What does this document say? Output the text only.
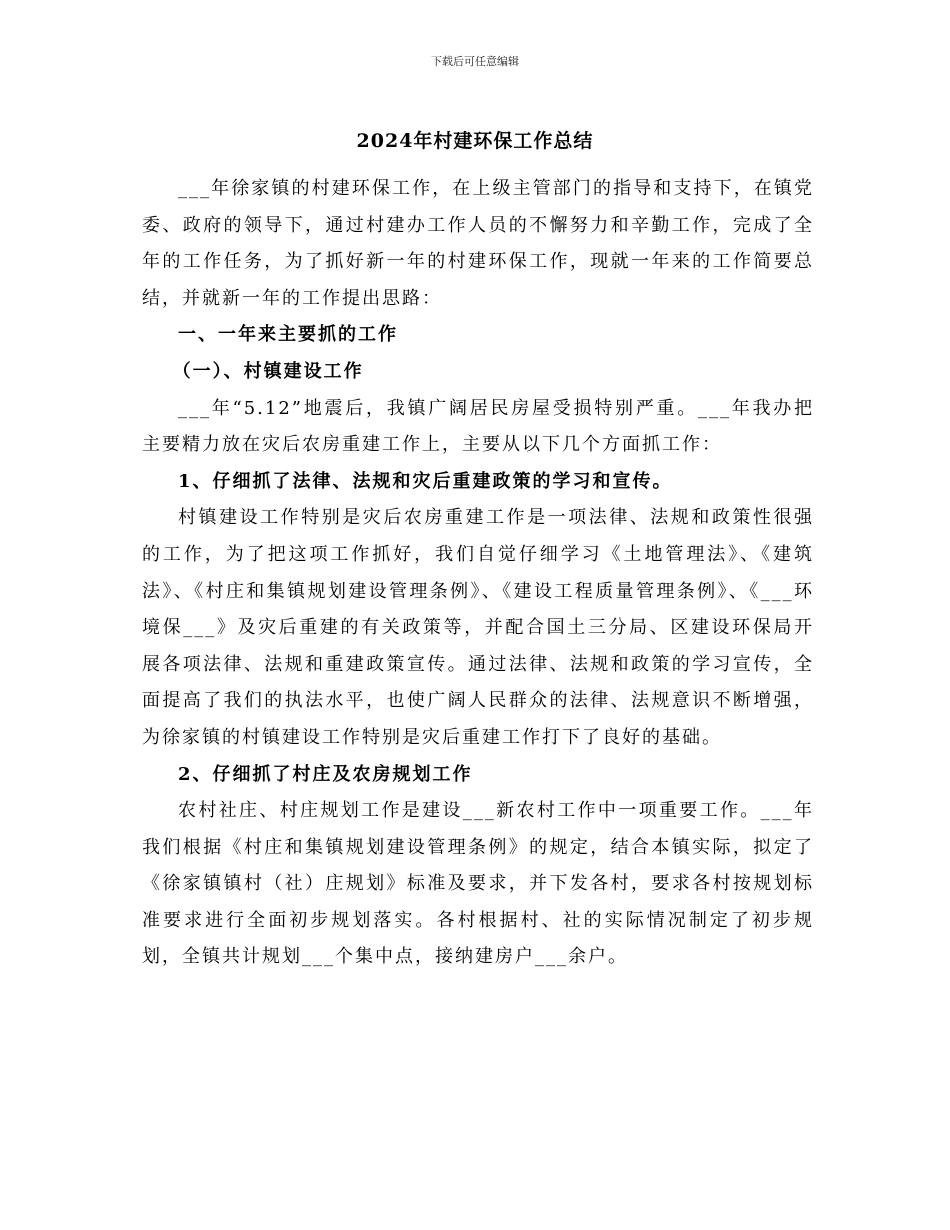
下载后可任意编辑
2024年村建环保工作总结

___年徐家镇的村建环保工作，在上级主管部门的指导和支持下，在镇党委、政府的领导下，通过村建办工作人员的不懈努力和辛勤工作，完成了全年的工作任务，为了抓好新一年的村建环保工作，现就一年来的工作简要总结，并就新一年的工作提出思路：

一、一年来主要抓的工作

（一）、村镇建设工作

___年“5.12”地震后，我镇广阔居民房屋受损特别严重。___年我办把主要精力放在灾后农房重建工作上，主要从以下几个方面抓工作：

1、仔细抓了法律、法规和灾后重建政策的学习和宣传。

村镇建设工作特别是灾后农房重建工作是一项法律、法规和政策性很强的工作，为了把这项工作抓好，我们自觉仔细学习《土地管理法》、《建筑法》、《村庄和集镇规划建设管理条例》、《建设工程质量管理条例》、《___环境保___》及灾后重建的有关政策等，并配合国土三分局、区建设环保局开展各项法律、法规和重建政策宣传。通过法律、法规和政策的学习宣传，全面提高了我们的执法水平，也使广阔人民群众的法律、法规意识不断增强，为徐家镇的村镇建设工作特别是灾后重建工作打下了良好的基础。

2、仔细抓了村庄及农房规划工作

农村社庄、村庄规划工作是建设___新农村工作中一项重要工作。___年我们根据《村庄和集镇规划建设管理条例》的规定，结合本镇实际，拟定了《徐家镇镇村（社）庄规划》标准及要求，并下发各村，要求各村按规划标准要求进行全面初步规划落实。各村根据村、社的实际情况制定了初步规划，全镇共计规划___个集中点，接纳建房户___余户。
